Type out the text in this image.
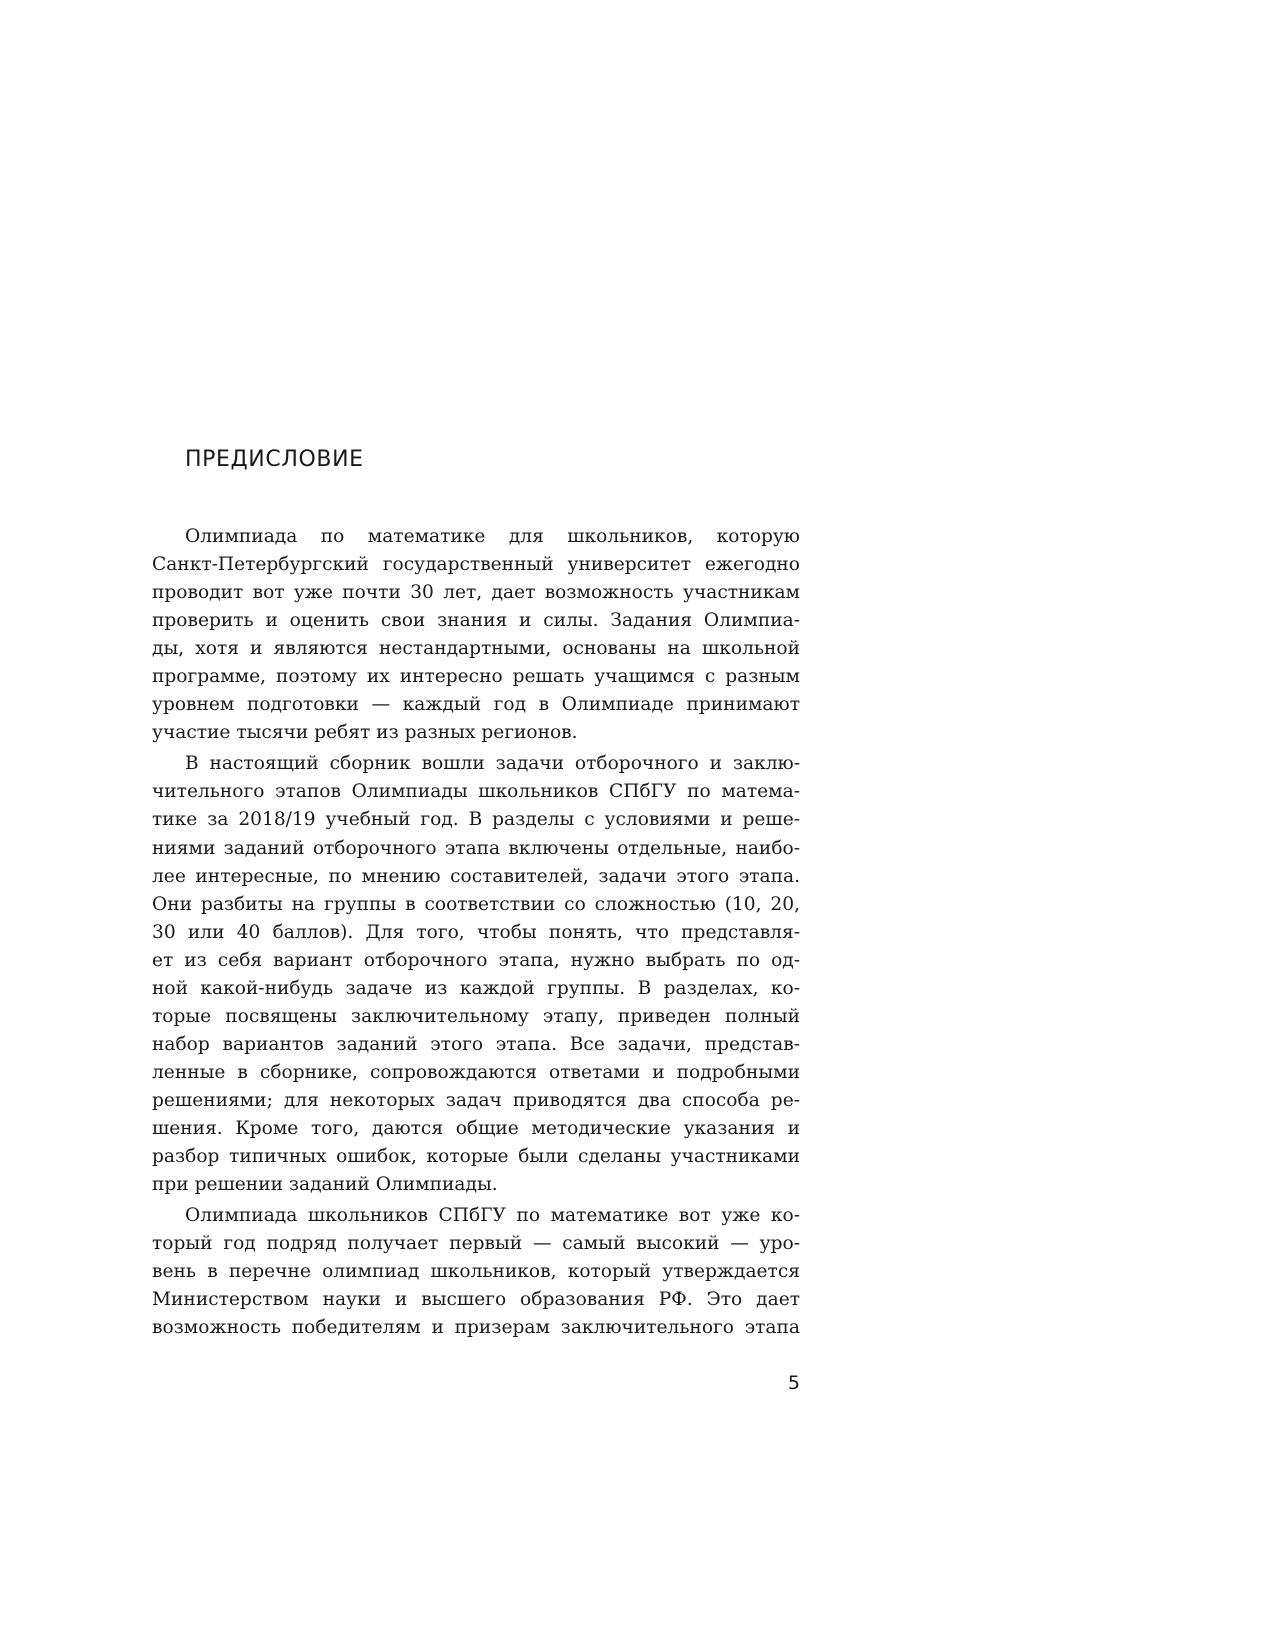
ПРЕДИСЛОВИЕ
Олимпиада по математике для школьников, которую
Санкт-Петербургский государственный университет ежегодно
проводит вот уже почти 30 лет, дает возможность участникам
проверить и оценить свои знания и силы. Задания Олимпиа-
ды, хотя и являются нестандартными, основаны на школьной
программе, поэтому их интересно решать учащимся с разным
уровнем подготовки — каждый год в Олимпиаде принимают
участие тысячи ребят из разных регионов.
В настоящий сборник вошли задачи отборочного и заклю-
чительного этапов Олимпиады школьников СПбГУ по матема-
тике за 2018/19 учебный год. В разделы с условиями и реше-
ниями заданий отборочного этапа включены отдельные, наибо-
лее интересные, по мнению составителей, задачи этого этапа.
Они разбиты на группы в соответствии со сложностью (10, 20,
30 или 40 баллов). Для того, чтобы понять, что представля-
ет из себя вариант отборочного этапа, нужно выбрать по од-
ной какой-нибудь задаче из каждой группы. В разделах, ко-
торые посвящены заключительному этапу, приведен полный
набор вариантов заданий этого этапа. Все задачи, представ-
ленные в сборнике, сопровождаются ответами и подробными
решениями; для некоторых задач приводятся два способа ре-
шения. Кроме того, даются общие методические указания и
разбор типичных ошибок, которые были сделаны участниками
при решении заданий Олимпиады.
Олимпиада школьников СПбГУ по математике вот уже ко-
торый год подряд получает первый — самый высокий — уро-
вень в перечне олимпиад школьников, который утверждается
Министерством науки и высшего образования РФ. Это дает
возможность победителям и призерам заключительного этапа

5
